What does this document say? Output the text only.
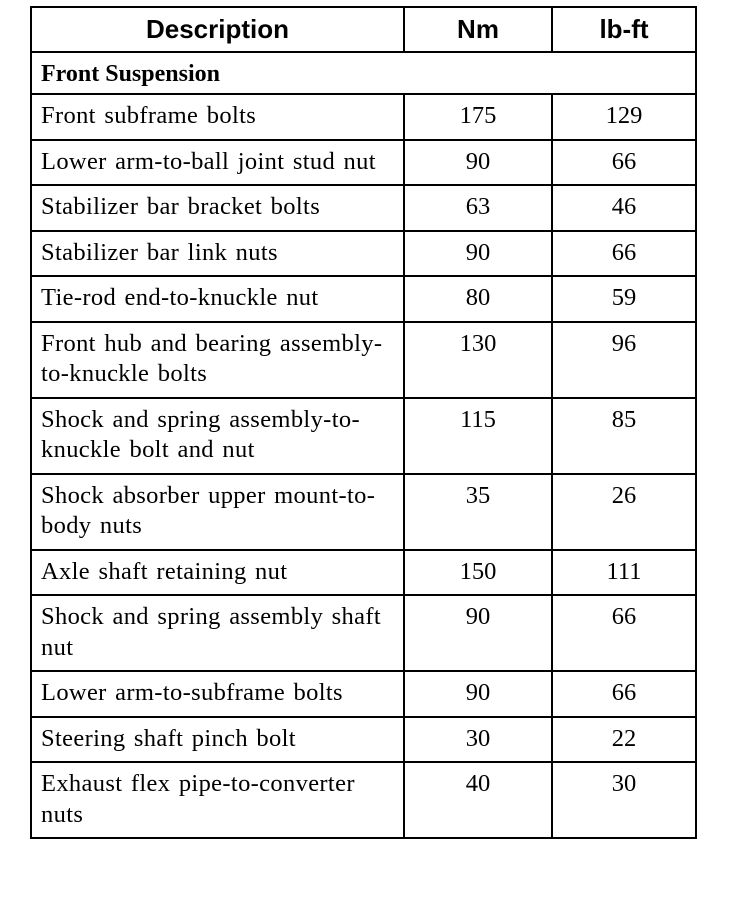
Description	Nm	lb-ft
Front Suspension		
Front subframe bolts	175	129
Lower arm-to-ball joint stud nut	90	66
Stabilizer bar bracket bolts	63	46
Stabilizer bar link nuts	90	66
Tie-rod end-to-knuckle nut	80	59
Front hub and bearing assembly-to-knuckle bolts	130	96
Shock and spring assembly-to-knuckle bolt and nut	115	85
Shock absorber upper mount-to-body nuts	35	26
Axle shaft retaining nut	150	111
Shock and spring assembly shaft nut	90	66
Lower arm-to-subframe bolts	90	66
Steering shaft pinch bolt	30	22
Exhaust flex pipe-to-converter nuts	40	30
